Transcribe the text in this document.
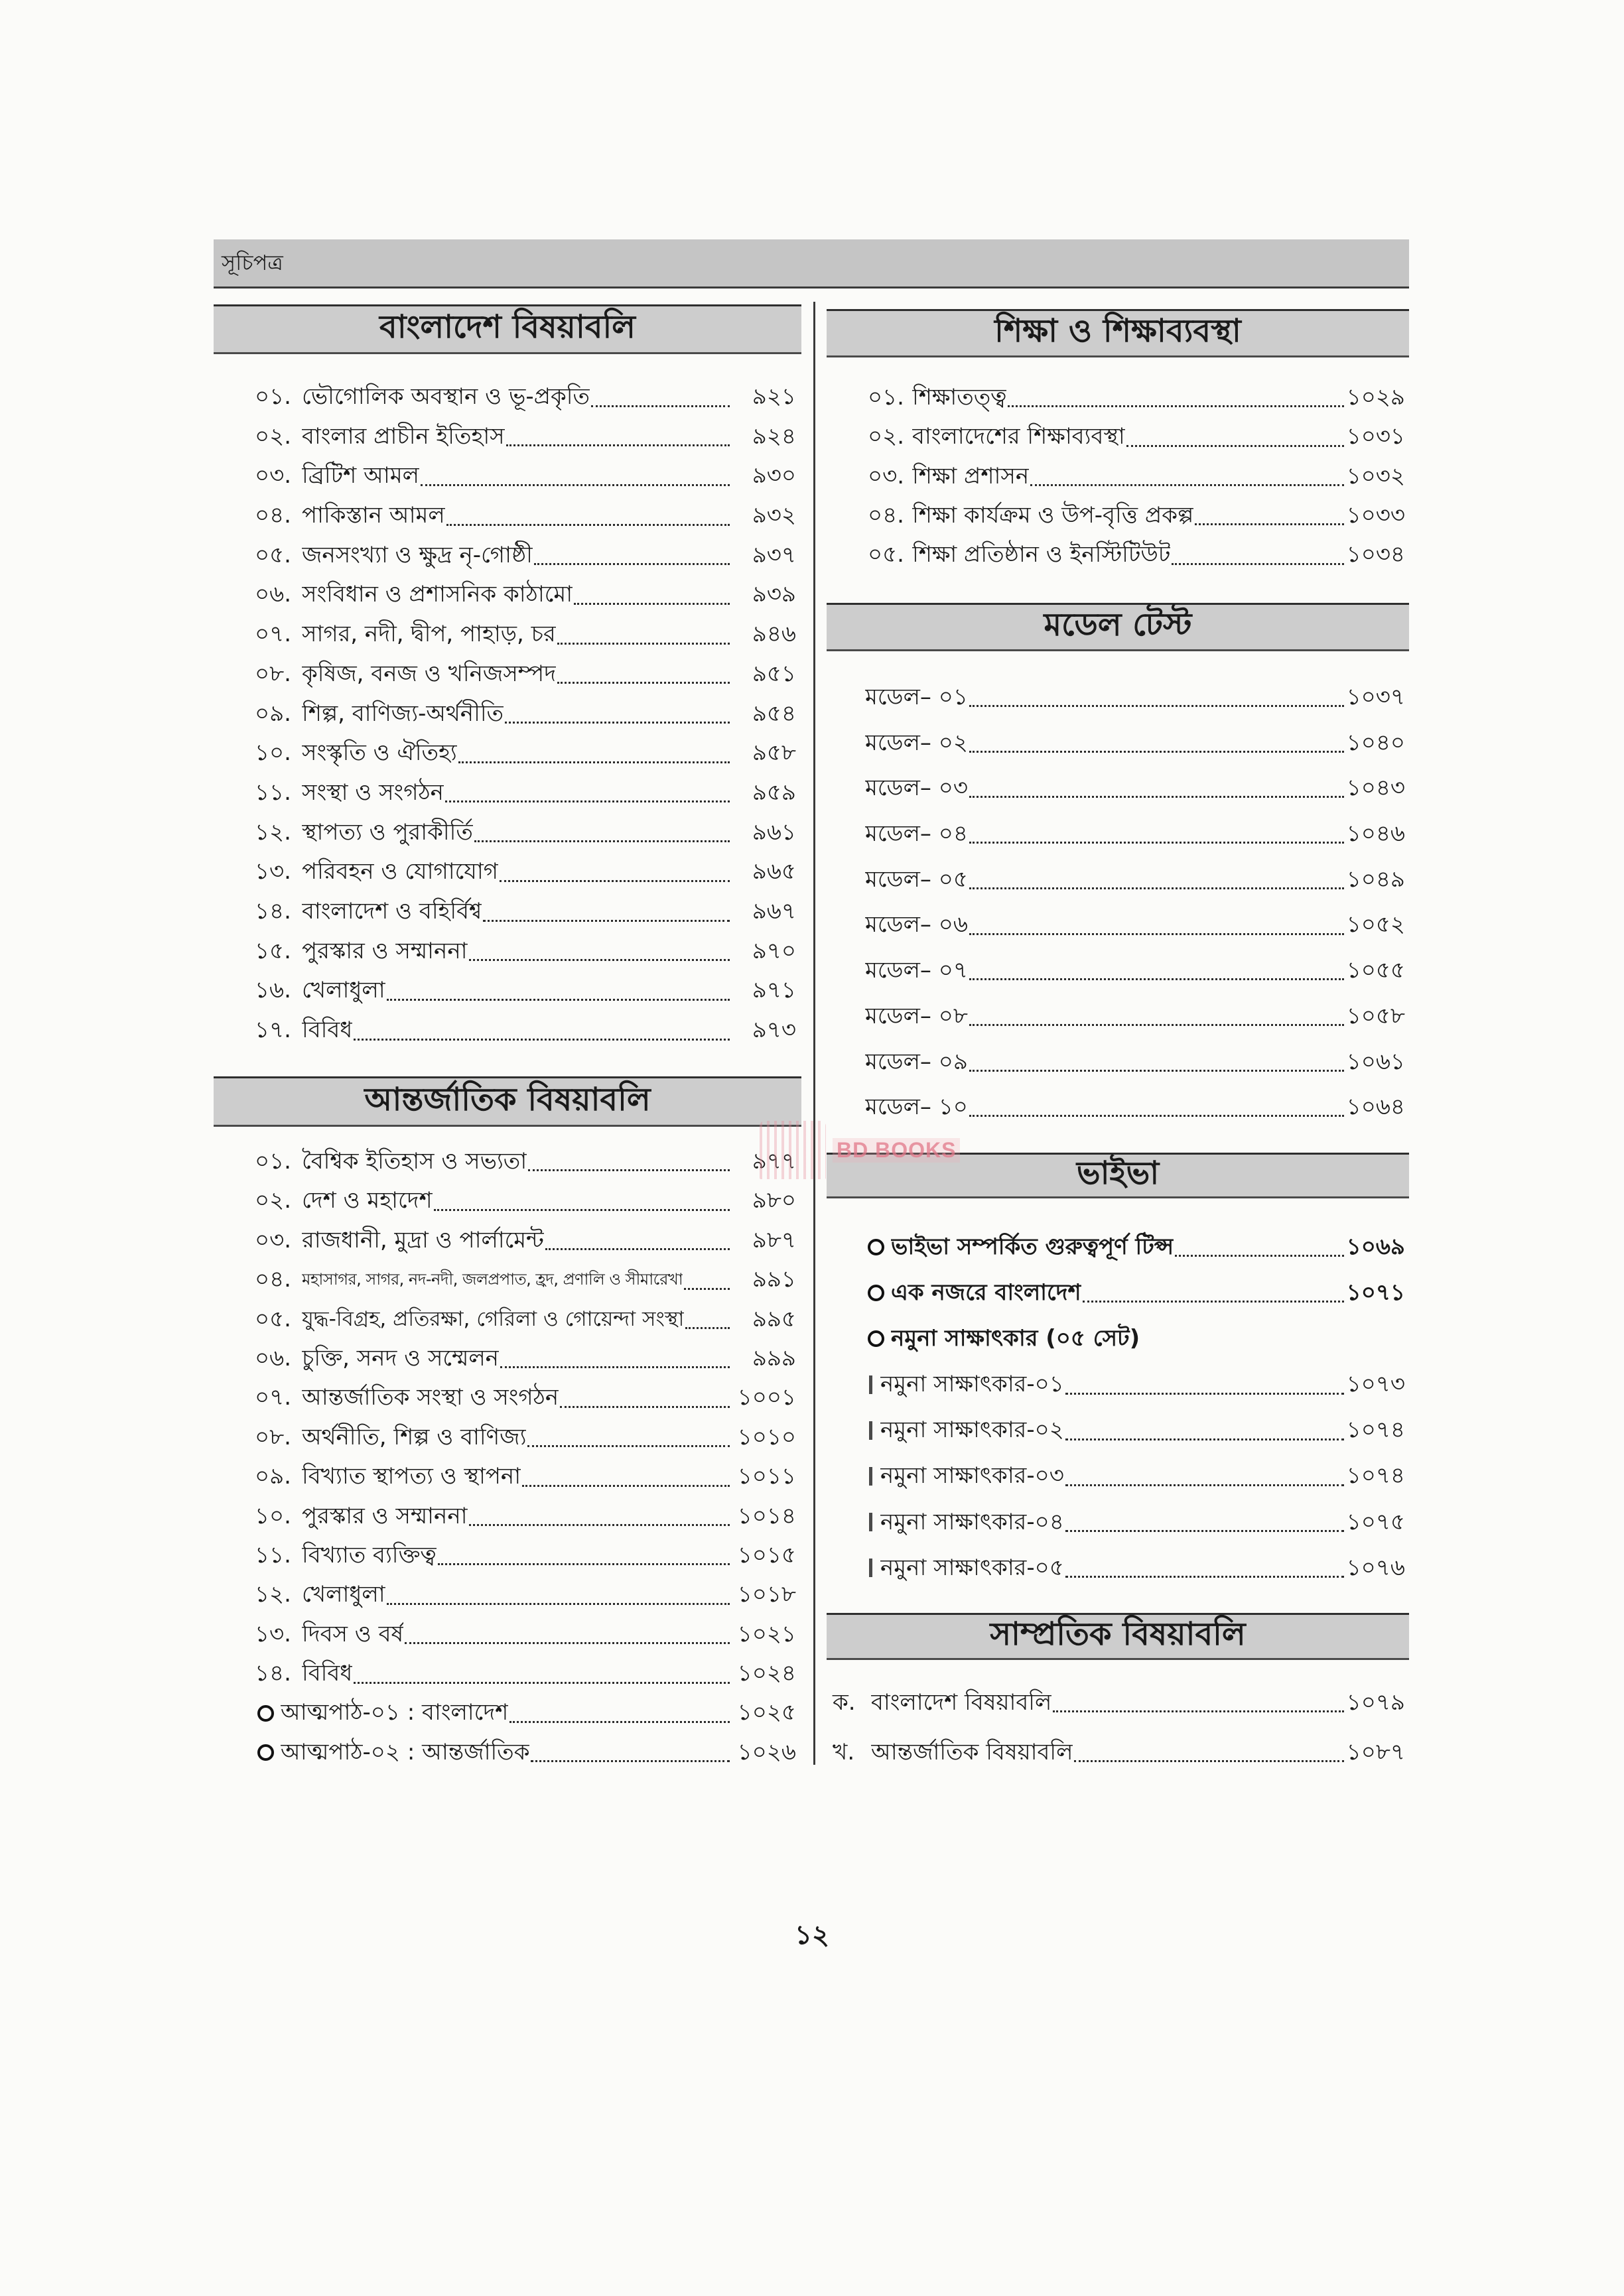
সূচিপত্র
বাংলাদেশ বিষয়াবলি
০১. ভৌগোলিক অবস্থান ও ভূ-প্রকৃতি	৯২১
০২. বাংলার প্রাচীন ইতিহাস	৯২৪
০৩. ব্রিটিশ আমল	৯৩০
০৪. পাকিস্তান আমল	৯৩২
০৫. জনসংখ্যা ও ক্ষুদ্র নৃ-গোষ্ঠী	৯৩৭
০৬. সংবিধান ও প্রশাসনিক কাঠামো	৯৩৯
০৭. সাগর, নদী, দ্বীপ, পাহাড়, চর	৯৪৬
০৮. কৃষিজ, বনজ ও খনিজসম্পদ	৯৫১
০৯. শিল্প, বাণিজ্য-অর্থনীতি	৯৫৪
১০. সংস্কৃতি ও ঐতিহ্য	৯৫৮
১১. সংস্থা ও সংগঠন	৯৫৯
১২. স্থাপত্য ও পুরাকীর্তি	৯৬১
১৩. পরিবহন ও যোগাযোগ	৯৬৫
১৪. বাংলাদেশ ও বহির্বিশ্ব	৯৬৭
১৫. পুরস্কার ও সম্মাননা	৯৭০
১৬. খেলাধুলা	৯৭১
১৭. বিবিধ	৯৭৩
আন্তর্জাতিক বিষয়াবলি
০১. বৈশ্বিক ইতিহাস ও সভ্যতা	৯৭৭
০২. দেশ ও মহাদেশ	৯৮০
০৩. রাজধানী, মুদ্রা ও পার্লামেন্ট	৯৮৭
০৪. মহাসাগর, সাগর, নদ-নদী, জলপ্রপাত, হ্রদ, প্রণালি ও সীমারেখা	৯৯১
০৫. যুদ্ধ-বিগ্রহ, প্রতিরক্ষা, গেরিলা ও গোয়েন্দা সংস্থা	৯৯৫
০৬. চুক্তি, সনদ ও সম্মেলন	৯৯৯
০৭. আন্তর্জাতিক সংস্থা ও সংগঠন	১০০১
০৮. অর্থনীতি, শিল্প ও বাণিজ্য	১০১০
০৯. বিখ্যাত স্থাপত্য ও স্থাপনা	১০১১
১০. পুরস্কার ও সম্মাননা	১০১৪
১১. বিখ্যাত ব্যক্তিত্ব	১০১৫
১২. খেলাধুলা	১০১৮
১৩. দিবস ও বর্ষ	১০২১
১৪. বিবিধ	১০২৪
আত্মপাঠ-০১ : বাংলাদেশ	১০২৫
আত্মপাঠ-০২ : আন্তর্জাতিক	১০২৬
শিক্ষা ও শিক্ষাব্যবস্থা
০১. শিক্ষাতত্ত্ব	১০২৯
০২. বাংলাদেশের শিক্ষাব্যবস্থা	১০৩১
০৩. শিক্ষা প্রশাসন	১০৩২
০৪. শিক্ষা কার্যক্রম ও উপ-বৃত্তি প্রকল্প	১০৩৩
০৫. শিক্ষা প্রতিষ্ঠান ও ইনস্টিটিউট	১০৩৪
মডেল টেস্ট
মডেল– ০১	১০৩৭
মডেল– ০২	১০৪০
মডেল– ০৩	১০৪৩
মডেল– ০৪	১০৪৬
মডেল– ০৫	১০৪৯
মডেল– ০৬	১০৫২
মডেল– ০৭	১০৫৫
মডেল– ০৮	১০৫৮
মডেল– ০৯	১০৬১
মডেল– ১০	১০৬৪
ভাইভা
ভাইভা সম্পর্কিত গুরুত্বপূর্ণ টিপ্স	১০৬৯
এক নজরে বাংলাদেশ	১০৭১
নমুনা সাক্ষাৎকার (০৫ সেট)
নমুনা সাক্ষাৎকার-০১	১০৭৩
নমুনা সাক্ষাৎকার-০২	১০৭৪
নমুনা সাক্ষাৎকার-০৩	১০৭৪
নমুনা সাক্ষাৎকার-০৪	১০৭৫
নমুনা সাক্ষাৎকার-০৫	১০৭৬
সাম্প্রতিক বিষয়াবলি
ক. বাংলাদেশ বিষয়াবলি	১০৭৯
খ. আন্তর্জাতিক বিষয়াবলি	১০৮৭
BD BOOKS
১২
